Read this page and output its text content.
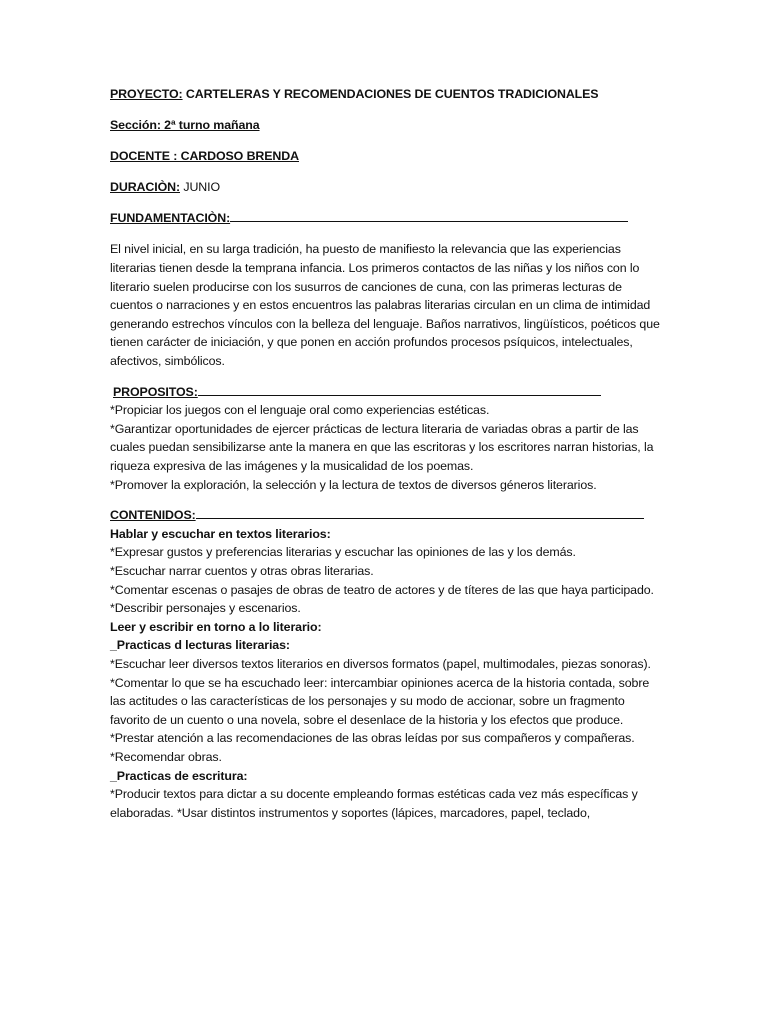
PROYECTO: CARTELERAS Y RECOMENDACIONES DE CUENTOS TRADICIONALES

Sección: 2ª turno mañana

DOCENTE : CARDOSO BRENDA

DURACIÒN: JUNIO

FUNDAMENTACIÒN:

El nivel inicial, en su larga tradición, ha puesto de manifiesto la relevancia que las experiencias literarias tienen desde la temprana infancia. Los primeros contactos de las niñas y los niños con lo literario suelen producirse con los susurros de canciones de cuna, con las primeras lecturas de cuentos o narraciones y en estos encuentros las palabras literarias circulan en un clima de intimidad generando estrechos vínculos con la belleza del lenguaje. Baños narrativos, lingüísticos, poéticos que tienen carácter de iniciación, y que ponen en acción profundos procesos psíquicos, intelectuales, afectivos, simbólicos.

PROPOSITOS:

*Propiciar los juegos con el lenguaje oral como experiencias estéticas.

*Garantizar oportunidades de ejercer prácticas de lectura literaria de variadas obras a partir de las cuales puedan sensibilizarse ante la manera en que las escritoras y los escritores narran historias, la riqueza expresiva de las imágenes y la musicalidad de los poemas.

*Promover la exploración, la selección y la lectura de textos de diversos géneros literarios.

CONTENIDOS:

Hablar y escuchar en textos literarios:

*Expresar gustos y preferencias literarias y escuchar las opiniones de las y los demás.

*Escuchar narrar cuentos y otras obras literarias.

*Comentar escenas o pasajes de obras de teatro de actores y de títeres de las que haya participado.

*Describir personajes y escenarios.

Leer y escribir en torno a lo literario:

_Practicas d lecturas literarias:

*Escuchar leer diversos textos literarios en diversos formatos (papel, multimodales, piezas sonoras).

*Comentar lo que se ha escuchado leer: intercambiar opiniones acerca de la historia contada, sobre las actitudes o las características de los personajes y su modo de accionar, sobre un fragmento favorito de un cuento o una novela, sobre el desenlace de la historia y los efectos que produce.

*Prestar atención a las recomendaciones de las obras leídas por sus compañeros y compañeras.

*Recomendar obras.

_Practicas de escritura:

*Producir textos para dictar a su docente empleando formas estéticas cada vez más específicas y elaboradas. *Usar distintos instrumentos y soportes (lápices, marcadores, papel, teclado,
